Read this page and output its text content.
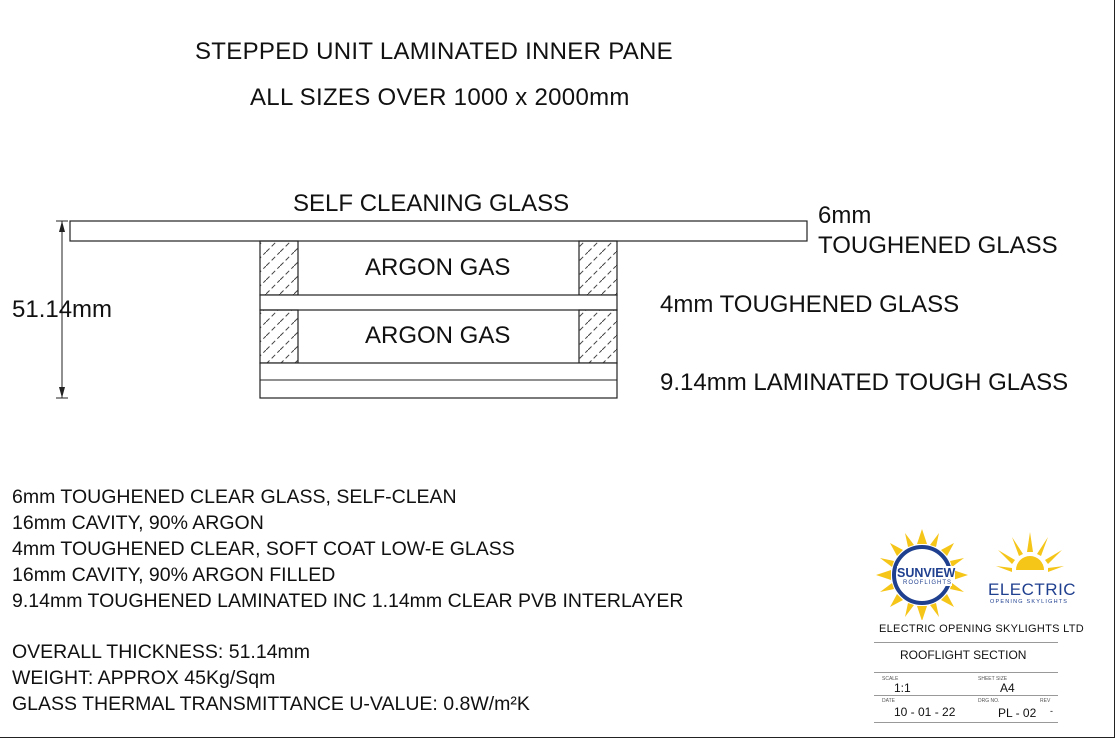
STEPPED UNIT LAMINATED INNER PANE
ALL SIZES OVER 1000 x 2000mm
SELF CLEANING GLASS
ARGON GAS
ARGON GAS
51.14mm
6mm
TOUGHENED GLASS
4mm TOUGHENED GLASS
9.14mm LAMINATED TOUGH GLASS
6mm TOUGHENED CLEAR GLASS, SELF-CLEAN
16mm CAVITY, 90% ARGON
4mm TOUGHENED CLEAR, SOFT COAT LOW-E GLASS
16mm CAVITY, 90% ARGON FILLED
9.14mm TOUGHENED LAMINATED INC 1.14mm CLEAR PVB INTERLAYER
OVERALL THICKNESS: 51.14mm
WEIGHT: APPROX 45Kg/Sqm
GLASS THERMAL TRANSMITTANCE U-VALUE: 0.8W/m²K
SUNVIEW
ROOFLIGHTS ELECTRIC
OPENING SKYLIGHTS
ELECTRIC OPENING SKYLIGHTS LTD
ROOFLIGHT SECTION
SCALE
1:1
SHEET SIZE
A4
DATE
10 - 01 - 22
DRG NO.
PL - 02
REV
-
